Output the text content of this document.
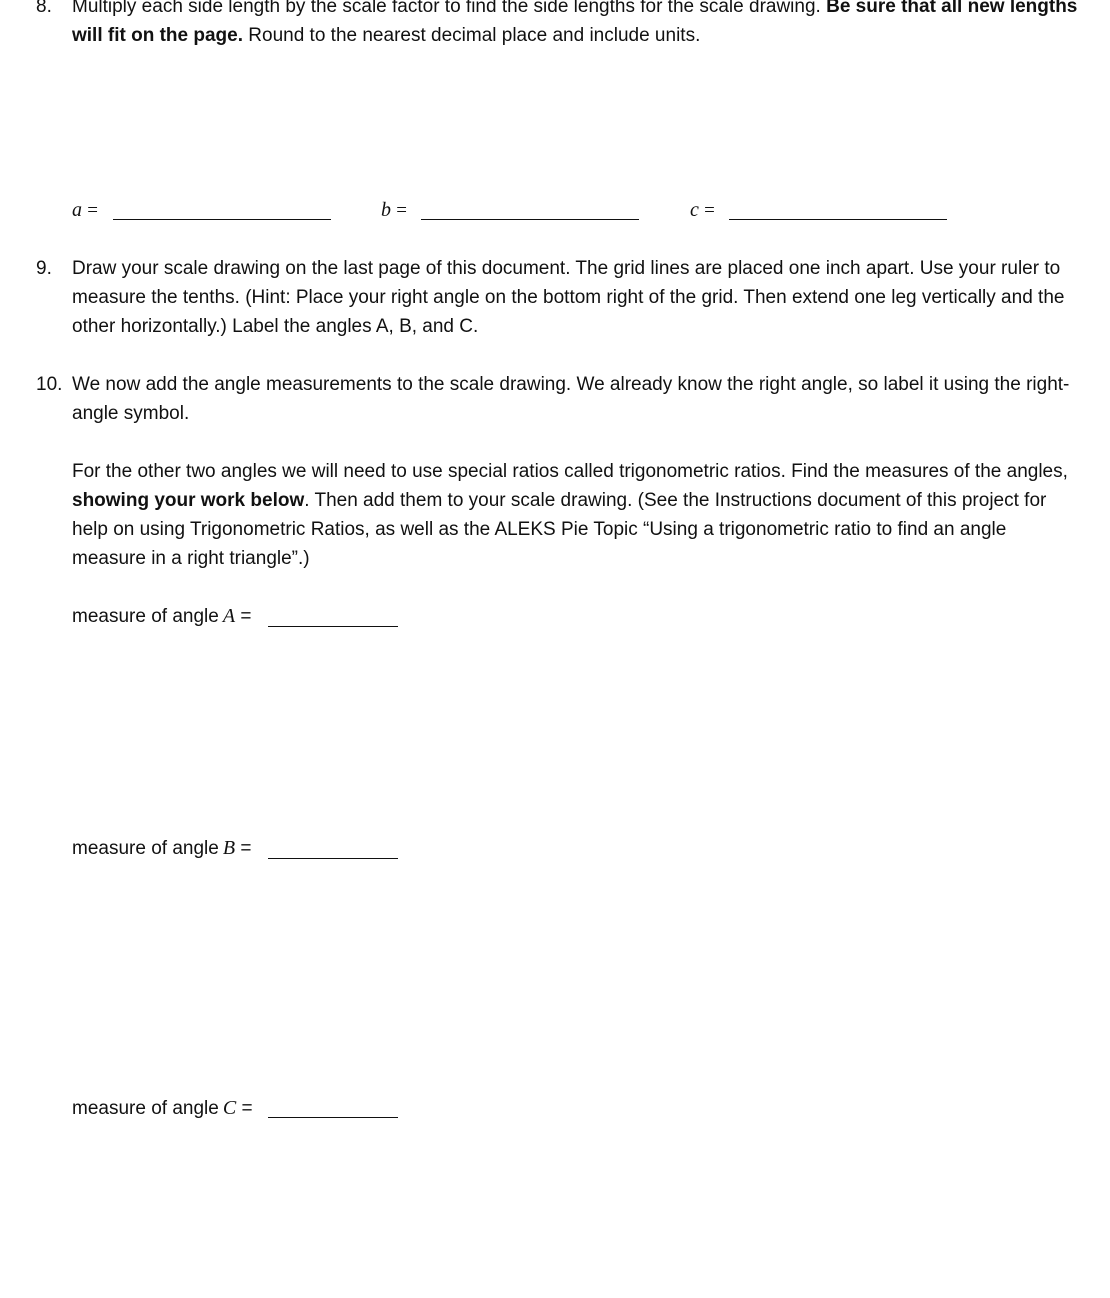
8. Multiply each side length by the scale factor to find the side lengths for the scale drawing. Be sure that all new lengths will fit on the page. Round to the nearest decimal place and include units.
a =	b =	c =
9. Draw your scale drawing on the last page of this document. The grid lines are placed one inch apart. Use your ruler to measure the tenths. (Hint: Place your right angle on the bottom right of the grid. Then extend one leg vertically and the other horizontally.) Label the angles A, B, and C.
10. We now add the angle measurements to the scale drawing. We already know the right angle, so label it using the right-angle symbol.
For the other two angles we will need to use special ratios called trigonometric ratios. Find the measures of the angles, showing your work below. Then add them to your scale drawing. (See the Instructions document of this project for help on using Trigonometric Ratios, as well as the ALEKS Pie Topic “Using a trigonometric ratio to find an angle measure in a right triangle”.)
measure of angle A =
measure of angle B =
measure of angle C =
